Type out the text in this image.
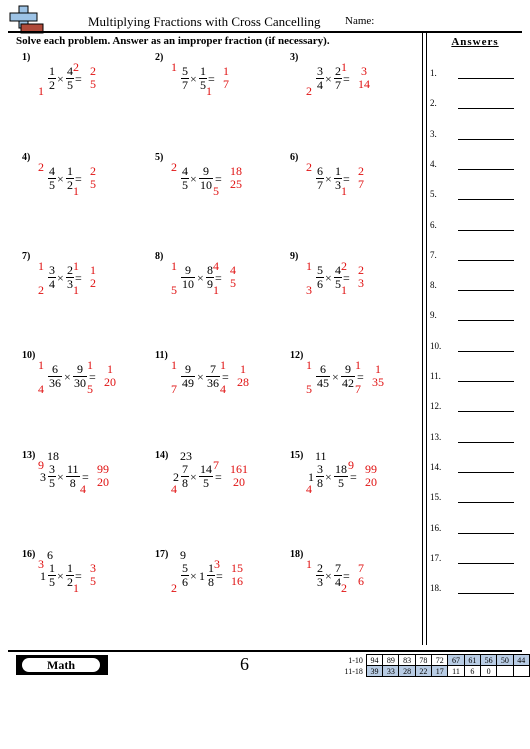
Multiplying Fractions with Cross Cancelling Name:
Solve each problem. Answer as an improper fraction (if necessary).	Answers
1.
2.
3.
4.
5.
6.
7.
8.
9.
10.
11.
12.
13.
14.
15.
16.
17.
18.
1)
$\frac{1}{2}$
1
× $\frac{4}{5} 2$
=
2
5
2)
$\frac{5}{7}$
1
× $\frac{1}{5} 1$
=
1
7
3)
$\frac{3}{4}$
2
× $\frac{2}{7} 1$
=
3
14
4)
$\frac{4}{5}$
2
× $\frac{1}{2} 1$
=
2
5
5)
$\frac{4}{5}$
2
× $\frac{9}{10} 5$
=
18
25
6)
$\frac{6}{7}$
2
× $\frac{1}{3} 1$
=
2
7
7)
$\frac{3}{4}$
1
2
× $\frac{2}{3} 1$
1
=
1
2
8)
$\frac{9}{10}$
1
5
× $\frac{8}{9} 4$
1
=
4
5
9)
$\frac{5}{6}$
1
3
× $\frac{4}{5} 2$
1
=
2
3
10)
$\frac{6}{36}$
1
4
× $\frac{9}{30} 1$
5
=
1
20
11)
$\frac{9}{49}$
1
7
× $\frac{7}{36} 1$
4
=
1
28
12)
$\frac{6}{45}$
1
5
× $\frac{9}{42} 1$
7
=
1
35
13)
$3 \frac{3}{5}$
9
18
× $\frac{11}{8} 4$
=
99
20
14)
$2 \frac{7}{8}$
4
23
× $\frac{14}{5} 7$
=
161
20
15)
$1 \frac{3}{8}$
4
11
× $\frac{18}{5} 9$
=
99
20
16)
$1 \frac{1}{5}$
3
6
× $\frac{1}{2} 1$
=
3
5
17)
$\frac{5}{6}$
2
9
× $1 \frac{1}{8} 3$
=
15
16
18)
$\frac{2}{3}$
1
× $\frac{7}{4} 2$
=
7
6
Math	6	1-10	94	89	83	78	72	67	61	56	50	44
11-18	39	33	28	22	17	11	6	0		
